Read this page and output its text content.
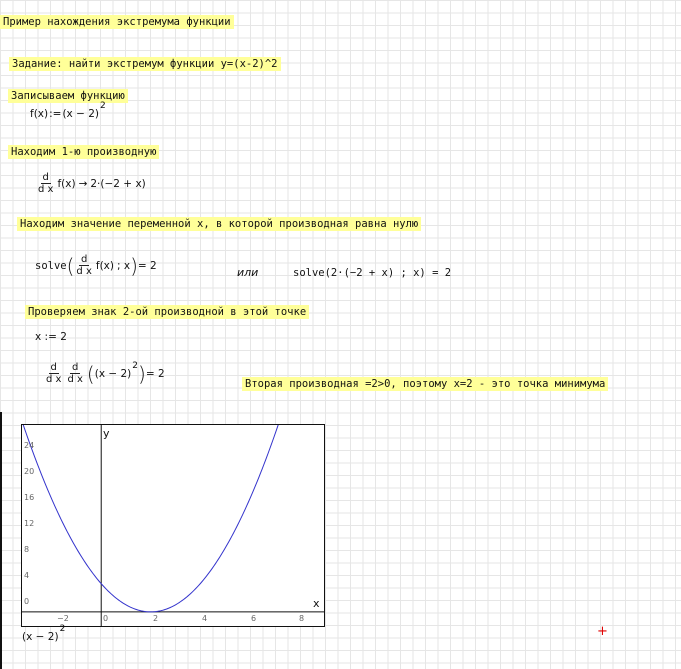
Пример нахождения экстремума функции
Задание: найти экстремум функции y=(x-2)^2
Записываем функцию
f(x) := (x − 2)
2
Находим 1-ю производную
$\frac{d}{\text{d x}} f(x) \to 2\cdot(-2 + x)$
Находим значение переменной x, в которой производная равна нулю
solve ( $\frac{d}{\text{d x}} f(x)$ ; x ) = 2
или	solve(2·(−2 + x) ; x) = 2
Проверяем знак 2-ой производной в этой точке
x := 2
$\frac{d}{\text{d x}} \frac{d}{\text{d x}}$ ( (x − 2)
2 ) = 2
Вторая производная =2>0, поэтому x=2 - это точка минимума
y
x
24
20
16
12
8
4
0
−2	0	2	4	6	8
(x − 2)
2	+
